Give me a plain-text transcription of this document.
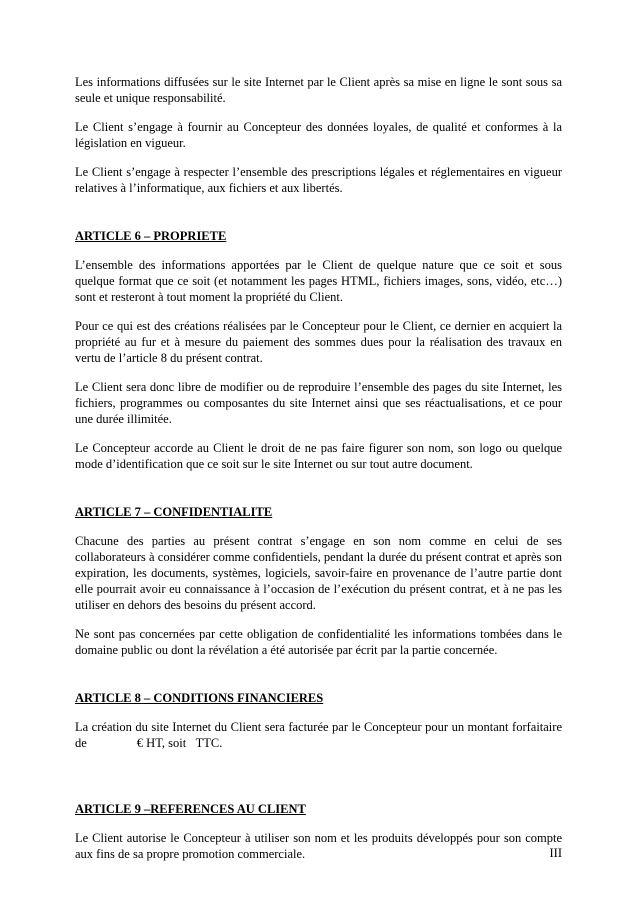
Les informations diffusées sur le site Internet par le Client après sa mise en ligne le sont sous sa seule et unique responsabilité.

Le Client s’engage à fournir au Concepteur des données loyales, de qualité et conformes à la législation en vigueur.

Le Client s’engage à respecter l’ensemble des prescriptions légales et réglementaires en vigueur relatives à l’informatique, aux fichiers et aux libertés.

ARTICLE 6 – PROPRIETE

L’ensemble des informations apportées par le Client de quelque nature que ce soit et sous quelque format que ce soit (et notamment les pages HTML, fichiers images, sons, vidéo, etc…) sont et resteront à tout moment la propriété du Client.

Pour ce qui est des créations réalisées par le Concepteur pour le Client, ce dernier en acquiert la propriété au fur et à mesure du paiement des sommes dues pour la réalisation des travaux en vertu de l’article 8 du présent contrat.

Le Client sera donc libre de modifier ou de reproduire l’ensemble des pages du site Internet, les fichiers, programmes ou composantes du site Internet ainsi que ses réactualisations, et ce pour une durée illimitée.

Le Concepteur accorde au Client le droit de ne pas faire figurer son nom, son logo ou quelque mode d’identification que ce soit sur le site Internet ou sur tout autre document.

ARTICLE 7 – CONFIDENTIALITE

Chacune des parties au présent contrat s’engage en son nom comme en celui de ses collaborateurs à considérer comme confidentiels, pendant la durée du présent contrat et après son expiration, les documents, systèmes, logiciels, savoir-faire en provenance de l’autre partie dont elle pourrait avoir eu connaissance à l’occasion de l’exécution du présent contrat, et à ne pas les utiliser en dehors des besoins du présent accord.

Ne sont pas concernées par cette obligation de confidentialité les informations tombées dans le domaine public ou dont la révélation a été autorisée par écrit par la partie concernée.

ARTICLE 8 – CONDITIONS FINANCIERES

La création du site Internet du Client sera facturée par le Concepteur pour un montant forfaitaire de                € HT, soit   TTC.

ARTICLE 9 –REFERENCES AU CLIENT

Le Client autorise le Concepteur à utiliser son nom et les produits développés pour son compte aux fins de sa propre promotion commerciale.	III
